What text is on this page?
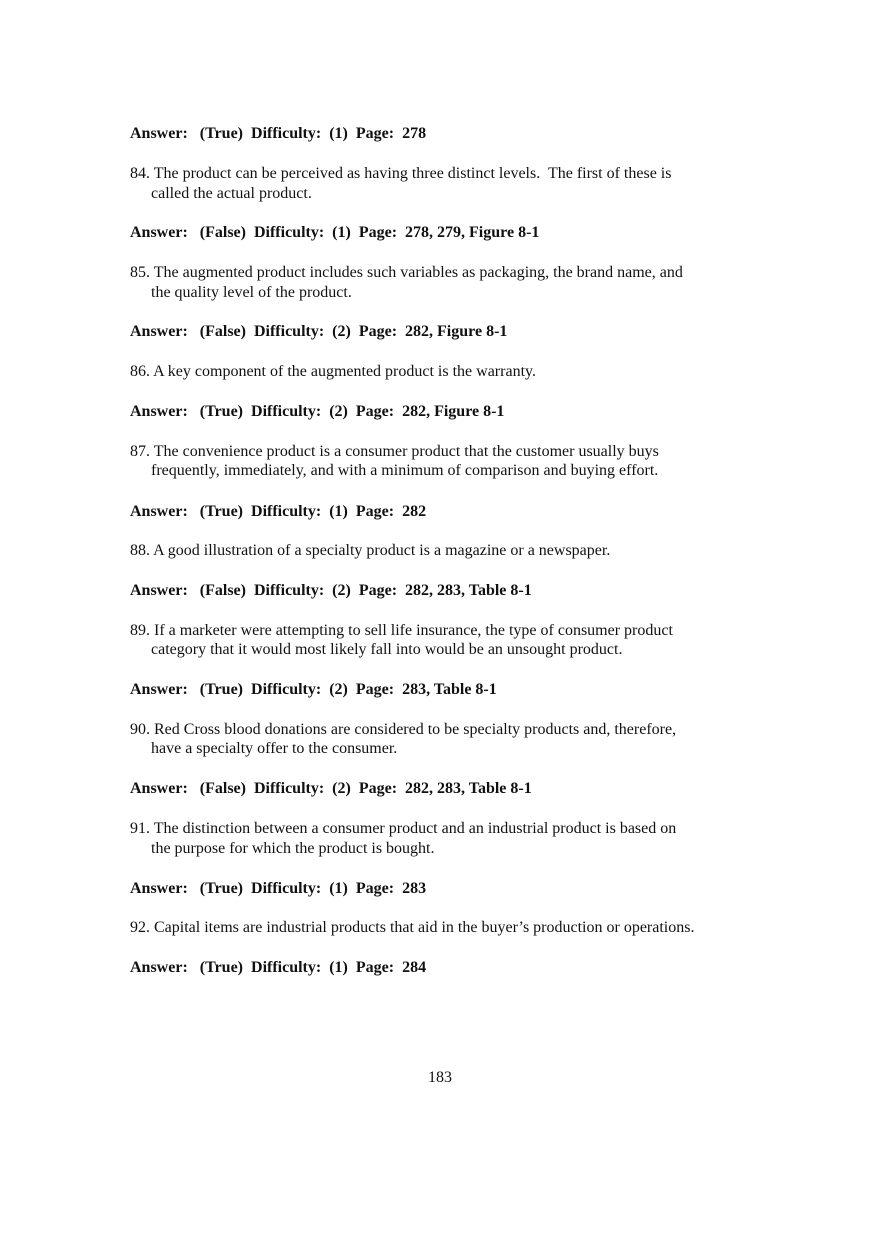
Answer:   (True)  Difficulty:  (1)  Page:  278
84. The product can be perceived as having three distinct levels.  The first of these is
called the actual product.
Answer:   (False)  Difficulty:  (1)  Page:  278, 279, Figure 8-1
85. The augmented product includes such variables as packaging, the brand name, and
the quality level of the product.
Answer:   (False)  Difficulty:  (2)  Page:  282, Figure 8-1
86. A key component of the augmented product is the warranty.
Answer:   (True)  Difficulty:  (2)  Page:  282, Figure 8-1
87. The convenience product is a consumer product that the customer usually buys
frequently, immediately, and with a minimum of comparison and buying effort.
Answer:   (True)  Difficulty:  (1)  Page:  282
88. A good illustration of a specialty product is a magazine or a newspaper.
Answer:   (False)  Difficulty:  (2)  Page:  282, 283, Table 8-1
89. If a marketer were attempting to sell life insurance, the type of consumer product
category that it would most likely fall into would be an unsought product.
Answer:   (True)  Difficulty:  (2)  Page:  283, Table 8-1
90. Red Cross blood donations are considered to be specialty products and, therefore,
have a specialty offer to the consumer.
Answer:   (False)  Difficulty:  (2)  Page:  282, 283, Table 8-1
91. The distinction between a consumer product and an industrial product is based on
the purpose for which the product is bought.
Answer:   (True)  Difficulty:  (1)  Page:  283
92. Capital items are industrial products that aid in the buyer’s production or operations.
Answer:   (True)  Difficulty:  (1)  Page:  284
183
